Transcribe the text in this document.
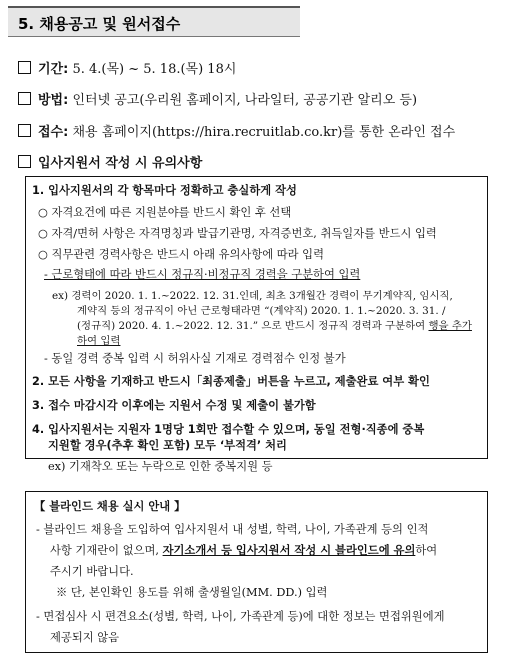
5. 채용공고 및 원서접수
기간: 5. 4.(목) ~ 5. 18.(목) 18시
방법: 인터넷 공고(우리원 홈페이지, 나라일터, 공공기관 알리오 등)
접수: 채용 홈페이지(https://hira.recruitlab.co.kr)를 통한 온라인 접수
입사지원서 작성 시 유의사항
1. 입사지원서의 각 항목마다 정확하고 충실하게 작성
○ 자격요건에 따른 지원분야를 반드시 확인 후 선택
○ 자격/면허 사항은 자격명칭과 발급기관명, 자격증번호, 취득일자를 반드시 입력
○ 직무관련 경력사항은 반드시 아래 유의사항에 따라 입력
- 근로형태에 따라 반드시 정규직·비정규직 경력을 구분하여 입력
ex) 경력이 2020. 1. 1.~2022. 12. 31.인데, 최초 3개월간 경력이 무기계약직, 임시직,
계약직 등의 정규직이 아닌 근로형태라면 “(계약직) 2020. 1. 1.~2020. 3. 31. /
(정규직) 2020. 4. 1.~2022. 12. 31.” 으로 반드시 정규직 경력과 구분하여 행을 추가
하여 입력
- 동일 경력 중복 입력 시 허위사실 기재로 경력점수 인정 불가
2. 모든 사항을 기재하고 반드시「최종제출」버튼을 누르고, 제출완료 여부 확인
3. 접수 마감시각 이후에는 지원서 수정 및 제출이 불가함
4. 입사지원서는 지원자 1명당 1회만 접수할 수 있으며, 동일 전형·직종에 중복
지원할 경우(추후 확인 포함) 모두 ‘부적격’ 처리
ex) 기재착오 또는 누락으로 인한 중복지원 등
【 블라인드 채용 실시 안내 】
- 블라인드 채용을 도입하여 입사지원서 내 성별, 학력, 나이, 가족관계 등의 인적
사항 기재란이 없으며, 자기소개서 등 입사지원서 작성 시 블라인드에 유의하여
주시기 바랍니다.
※ 단, 본인확인 용도를 위해 출생월일(MM. DD.) 입력
- 면접심사 시 편견요소(성별, 학력, 나이, 가족관계 등)에 대한 정보는 면접위원에게
제공되지 않음
